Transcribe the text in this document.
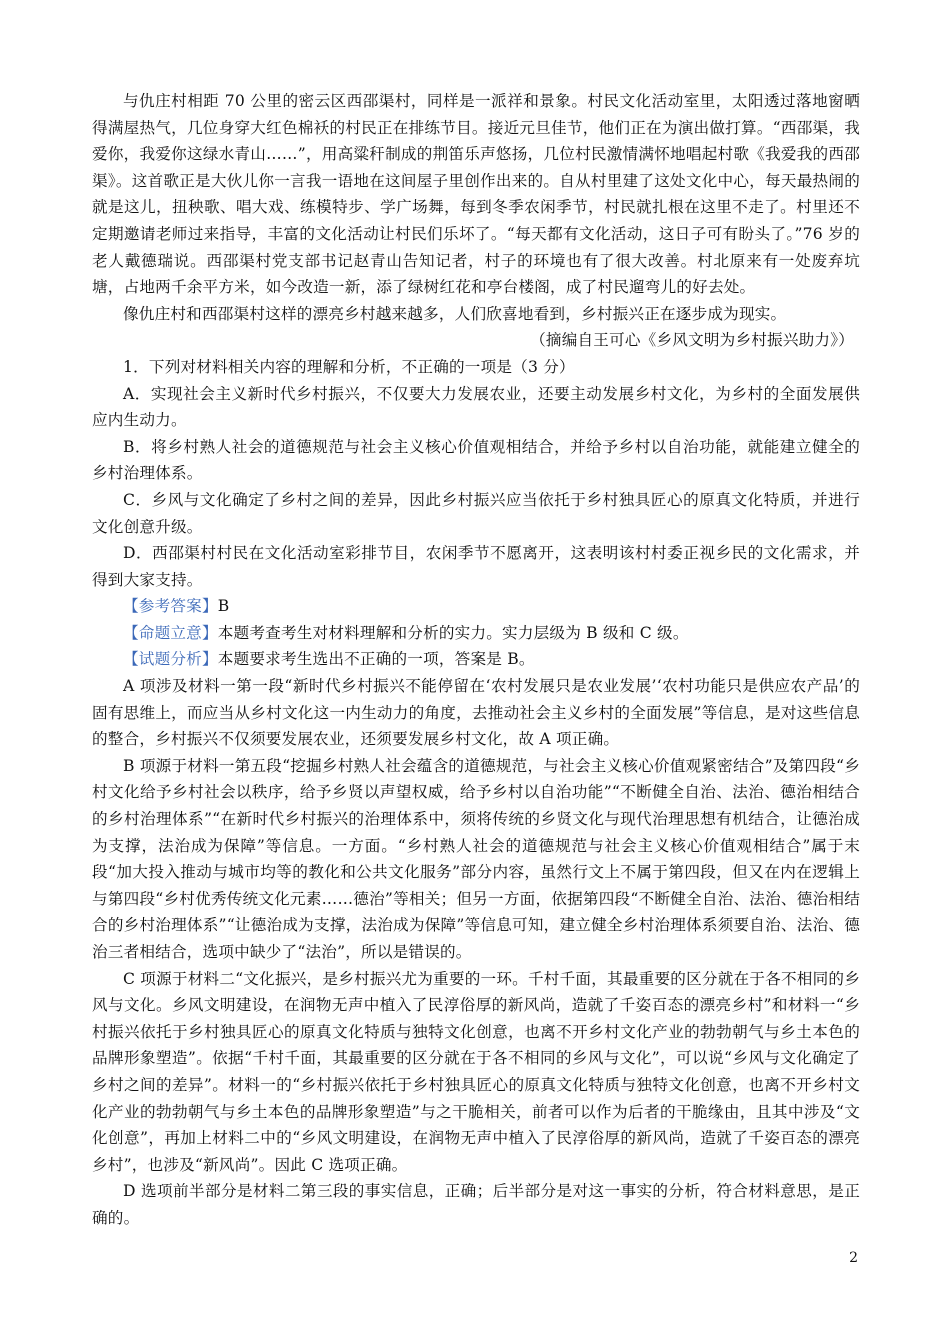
与仇庄村相距 70 公里的密云区西邵渠村，同样是一派祥和景象。村民文化活动室里，太阳透过落地窗晒得满屋热气，几位身穿大红色棉袄的村民正在排练节目。接近元旦佳节，他们正在为演出做打算。“西邵渠，我爱你，我爱你这绿水青山……”，用高粱秆制成的荆笛乐声悠扬，几位村民激情满怀地唱起村歌《我爱我的西邵渠》。这首歌正是大伙儿你一言我一语地在这间屋子里创作出来的。自从村里建了这处文化中心，每天最热闹的就是这儿，扭秧歌、唱大戏、练模特步、学广场舞，每到冬季农闲季节，村民就扎根在这里不走了。村里还不定期邀请老师过来指导，丰富的文化活动让村民们乐坏了。“每天都有文化活动，这日子可有盼头了。”76 岁的老人戴德瑞说。西邵渠村党支部书记赵青山告知记者，村子的环境也有了很大改善。村北原来有一处废弃坑塘，占地两千余平方米，如今改造一新，添了绿树红花和亭台楼阁，成了村民遛弯儿的好去处。

像仇庄村和西邵渠村这样的漂亮乡村越来越多，人们欣喜地看到，乡村振兴正在逐步成为现实。

（摘编自王可心《乡风文明为乡村振兴助力》）

1．下列对材料相关内容的理解和分析，不正确的一项是（3 分）

A．实现社会主义新时代乡村振兴，不仅要大力发展农业，还要主动发展乡村文化，为乡村的全面发展供应内生动力。

B．将乡村熟人社会的道德规范与社会主义核心价值观相结合，并给予乡村以自治功能，就能建立健全的乡村治理体系。

C．乡风与文化确定了乡村之间的差异，因此乡村振兴应当依托于乡村独具匠心的原真文化特质，并进行文化创意升级。

D．西邵渠村村民在文化活动室彩排节目，农闲季节不愿离开，这表明该村村委正视乡民的文化需求，并得到大家支持。

【参考答案】B

【命题立意】本题考查考生对材料理解和分析的实力。实力层级为 B 级和 C 级。

【试题分析】本题要求考生选出不正确的一项，答案是 B。

A 项涉及材料一第一段“新时代乡村振兴不能停留在‘农村发展只是农业发展’‘农村功能只是供应农产品’的固有思维上，而应当从乡村文化这一内生动力的角度，去推动社会主义乡村的全面发展”等信息，是对这些信息的整合，乡村振兴不仅须要发展农业，还须要发展乡村文化，故 A 项正确。

B 项源于材料一第五段“挖掘乡村熟人社会蕴含的道德规范，与社会主义核心价值观紧密结合”及第四段“乡村文化给予乡村社会以秩序，给予乡贤以声望权威，给予乡村以自治功能”“不断健全自治、法治、德治相结合的乡村治理体系”“在新时代乡村振兴的治理体系中，须将传统的乡贤文化与现代治理思想有机结合，让德治成为支撑，法治成为保障”等信息。一方面。“乡村熟人社会的道德规范与社会主义核心价值观相结合”属于末段“加大投入推动与城市均等的教化和公共文化服务”部分内容，虽然行文上不属于第四段，但又在内在逻辑上与第四段“乡村优秀传统文化元素……德治”等相关；但另一方面，依据第四段“不断健全自治、法治、德治相结合的乡村治理体系”“让德治成为支撑，法治成为保障”等信息可知，建立健全乡村治理体系须要自治、法治、德治三者相结合，选项中缺少了“法治”，所以是错误的。

C 项源于材料二“文化振兴，是乡村振兴尤为重要的一环。千村千面，其最重要的区分就在于各不相同的乡风与文化。乡风文明建设，在润物无声中植入了民淳俗厚的新风尚，造就了千姿百态的漂亮乡村”和材料一“乡村振兴依托于乡村独具匠心的原真文化特质与独特文化创意，也离不开乡村文化产业的勃勃朝气与乡土本色的品牌形象塑造”。依据“千村千面，其最重要的区分就在于各不相同的乡风与文化”，可以说“乡风与文化确定了乡村之间的差异”。材料一的“乡村振兴依托于乡村独具匠心的原真文化特质与独特文化创意，也离不开乡村文化产业的勃勃朝气与乡土本色的品牌形象塑造”与之干脆相关，前者可以作为后者的干脆缘由，且其中涉及“文化创意”，再加上材料二中的“乡风文明建设，在润物无声中植入了民淳俗厚的新风尚，造就了千姿百态的漂亮乡村”，也涉及“新风尚”。因此 C 选项正确。

D 选项前半部分是材料二第三段的事实信息，正确；后半部分是对这一事实的分析，符合材料意思，是正确的。

2
